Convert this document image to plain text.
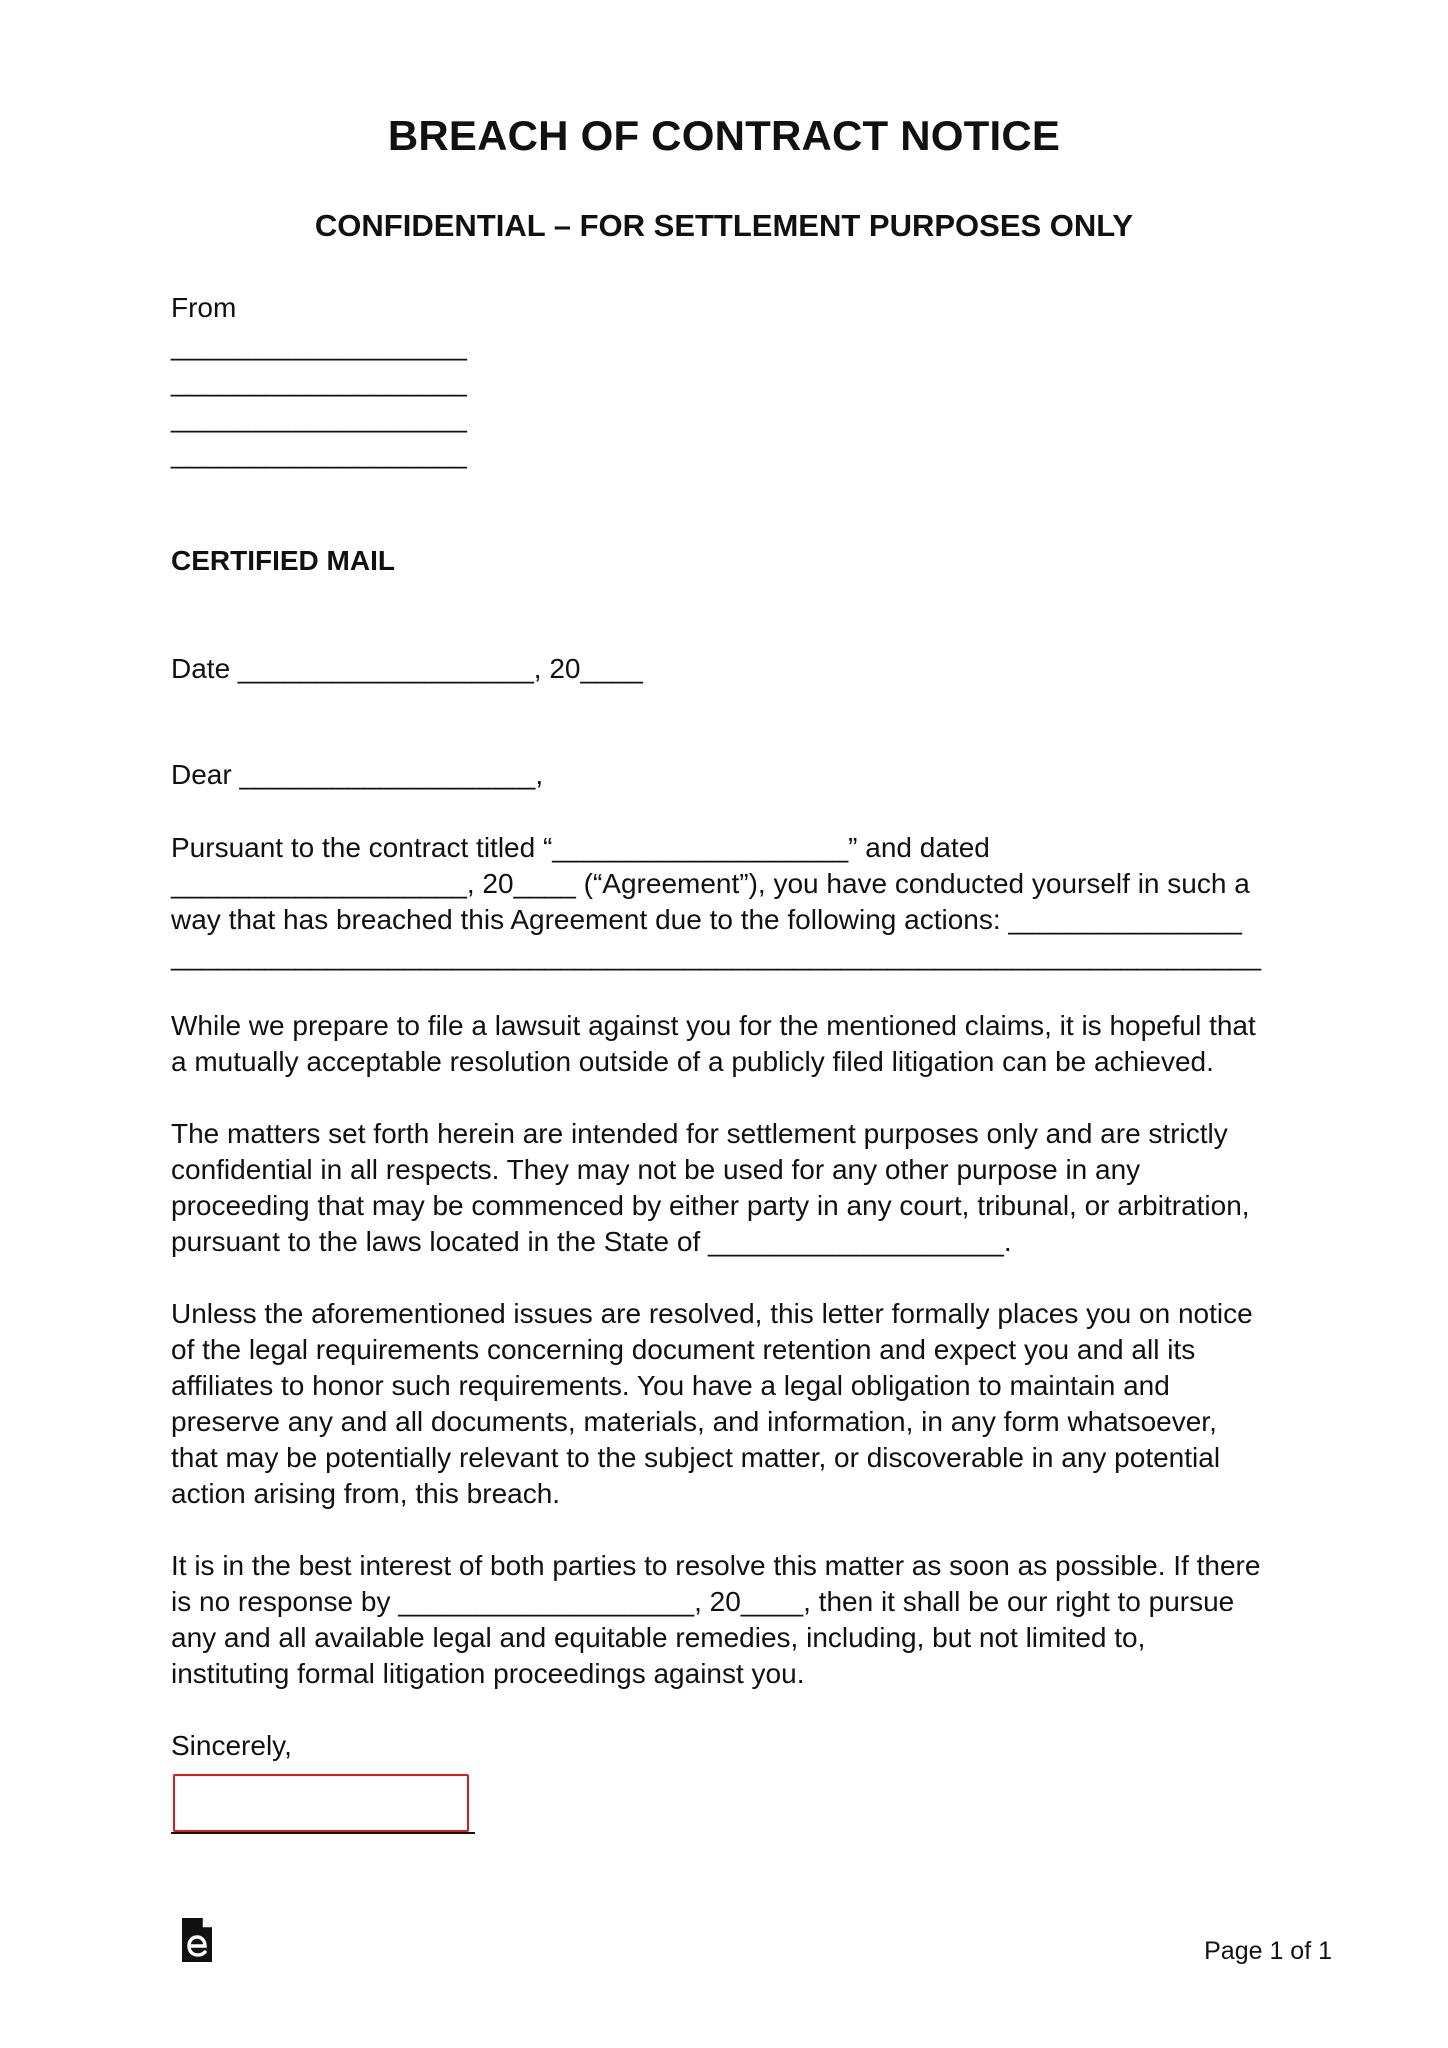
BREACH OF CONTRACT NOTICE
CONFIDENTIAL – FOR SETTLEMENT PURPOSES ONLY
From
___________________
___________________
___________________
___________________
CERTIFIED MAIL
Date ___________________, 20____
Dear ___________________,
Pursuant to the contract titled “___________________” and dated
___________________, 20____ (“Agreement”), you have conducted yourself in such a
way that has breached this Agreement due to the following actions: _______________
______________________________________________________________________
While we prepare to file a lawsuit against you for the mentioned claims, it is hopeful that
a mutually acceptable resolution outside of a publicly filed litigation can be achieved.
The matters set forth herein are intended for settlement purposes only and are strictly
confidential in all respects. They may not be used for any other purpose in any
proceeding that may be commenced by either party in any court, tribunal, or arbitration,
pursuant to the laws located in the State of ___________________.
Unless the aforementioned issues are resolved, this letter formally places you on notice
of the legal requirements concerning document retention and expect you and all its
affiliates to honor such requirements. You have a legal obligation to maintain and
preserve any and all documents, materials, and information, in any form whatsoever,
that may be potentially relevant to the subject matter, or discoverable in any potential
action arising from, this breach.
It is in the best interest of both parties to resolve this matter as soon as possible. If there
is no response by ___________________, 20____, then it shall be our right to pursue
any and all available legal and equitable remedies, including, but not limited to,
instituting formal litigation proceedings against you.
Sincerely,
Page 1 of 1
